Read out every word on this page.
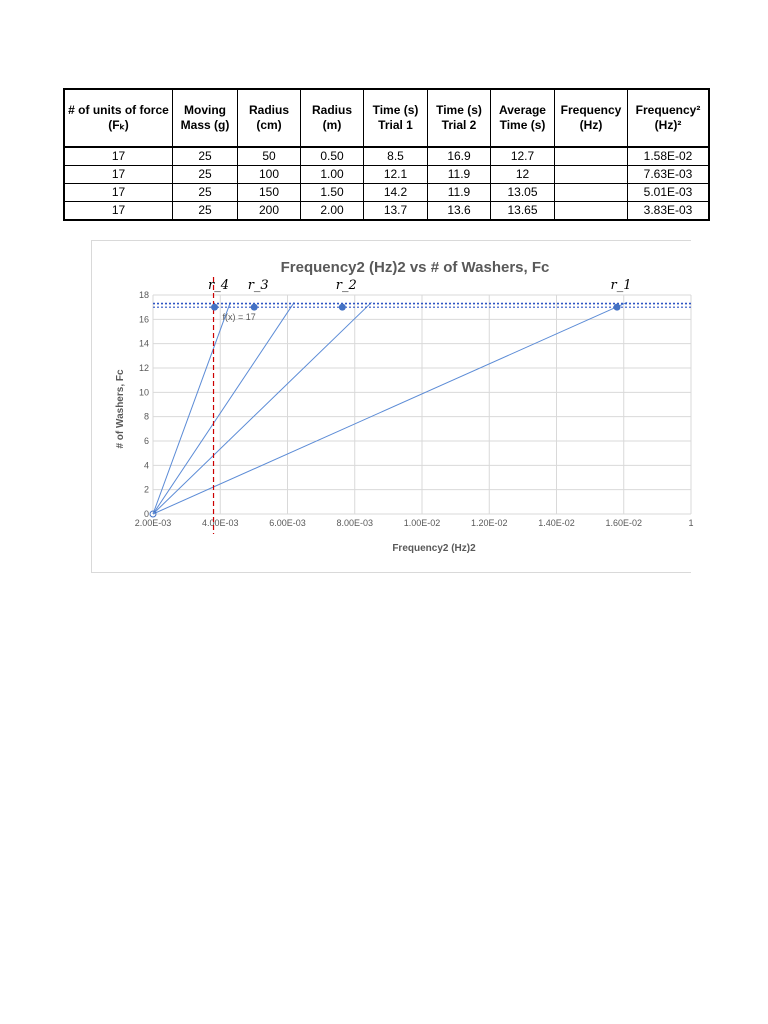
# of units of force (Fₖ)	Moving Mass (g)	Radius (cm)	Radius (m)	Time (s) Trial 1	Time (s) Trial 2	Average Time (s)	Frequency (Hz)	Frequency² (Hz)²
17	25	50	0.50	8.5	16.9	12.7		1.58E-02
17	25	100	1.00	12.1	11.9	12		7.63E-03
17	25	150	1.50	14.2	11.9	13.05		5.01E-03
17	25	200	2.00	13.7	13.6	13.65		3.83E-03
Frequency2 (Hz)2 vs # of Washers, Fc
Frequency2 (Hz)2
# of Washers, Fc
0
2
4
6
8
10
12
14
16
18
2.00E-03	4.00E-03	6.00E-03	8.00E-03	1.00E-02	1.20E-02	1.40E-02	1.60E-02	1
f(x) = 17
r_1
r_2
r_3
r_4
